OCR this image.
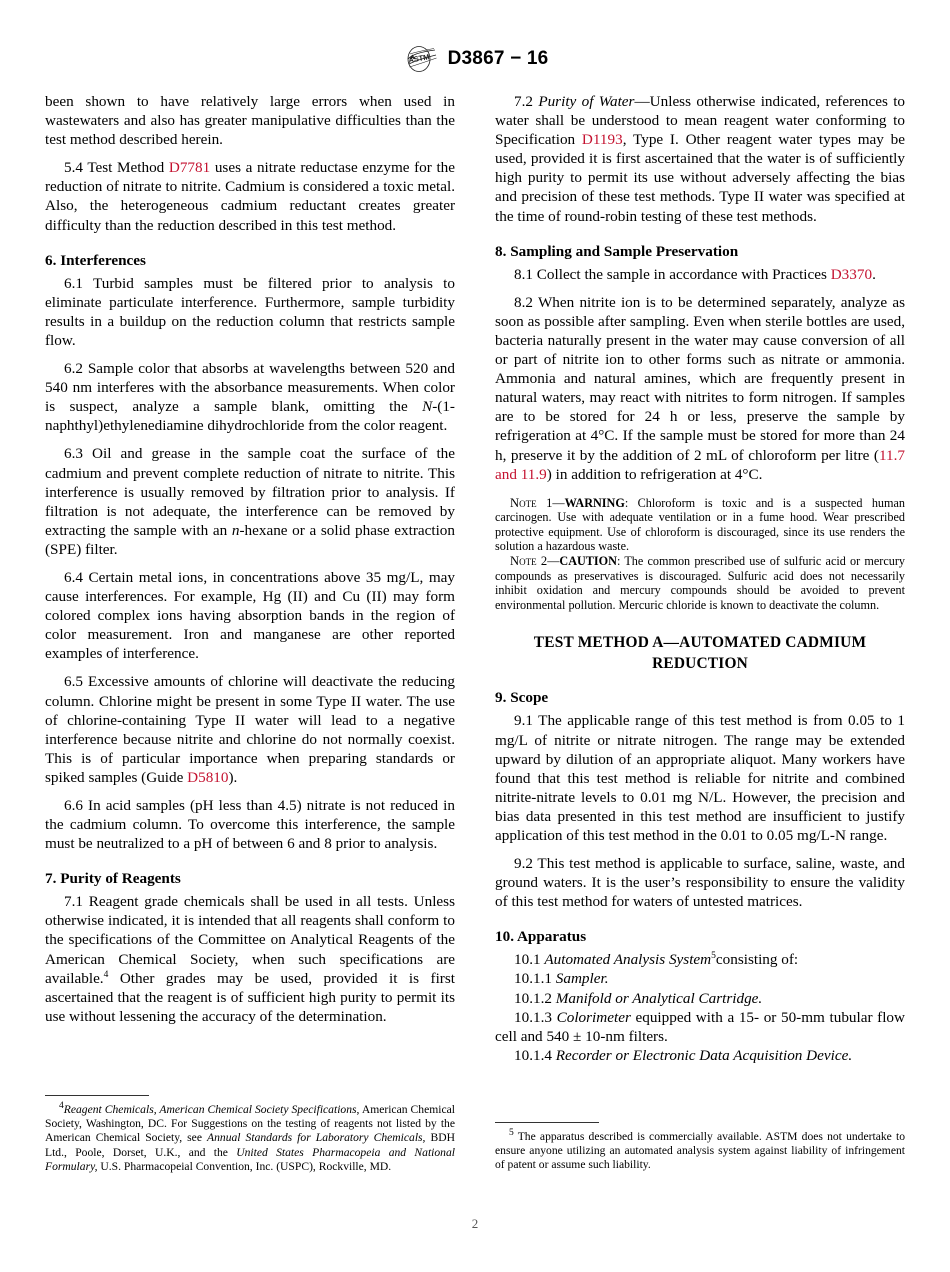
ASTM D3867 − 16

been shown to have relatively large errors when used in wastewaters and also has greater manipulative difficulties than the test method described herein.

5.4 Test Method D7781 uses a nitrate reductase enzyme for the reduction of nitrate to nitrite. Cadmium is considered a toxic metal. Also, the heterogeneous cadmium reductant creates greater difficulty than the reduction described in this test method.

6. Interferences

6.1 Turbid samples must be filtered prior to analysis to eliminate particulate interference. Furthermore, sample turbidity results in a buildup on the reduction column that restricts sample flow.

6.2 Sample color that absorbs at wavelengths between 520 and 540 nm interferes with the absorbance measurements. When color is suspect, analyze a sample blank, omitting the N-(1-naphthyl)ethylenediamine dihydrochloride from the color reagent.

6.3 Oil and grease in the sample coat the surface of the cadmium and prevent complete reduction of nitrate to nitrite. This interference is usually removed by filtration prior to analysis. If filtration is not adequate, the interference can be removed by extracting the sample with an n-hexane or a solid phase extraction (SPE) filter.

6.4 Certain metal ions, in concentrations above 35 mg/L, may cause interferences. For example, Hg (II) and Cu (II) may form colored complex ions having absorption bands in the region of color measurement. Iron and manganese are other reported examples of interference.

6.5 Excessive amounts of chlorine will deactivate the reducing column. Chlorine might be present in some Type II water. The use of chlorine-containing Type II water will lead to a negative interference because nitrite and chlorine do not normally coexist. This is of particular importance when preparing standards or spiked samples (Guide D5810).

6.6 In acid samples (pH less than 4.5) nitrate is not reduced in the cadmium column. To overcome this interference, the sample must be neutralized to a pH of between 6 and 8 prior to analysis.

7. Purity of Reagents

7.1 Reagent grade chemicals shall be used in all tests. Unless otherwise indicated, it is intended that all reagents shall conform to the specifications of the Committee on Analytical Reagents of the American Chemical Society, when such specifications are available.$^4$ Other grades may be used, provided it is first ascertained that the reagent is of sufficient high purity to permit its use without lessening the accuracy of the determination.

$^4$Reagent Chemicals, American Chemical Society Specifications, American Chemical Society, Washington, DC. For Suggestions on the testing of reagents not listed by the American Chemical Society, see Annual Standards for Laboratory Chemicals, BDH Ltd., Poole, Dorset, U.K., and the United States Pharmacopeia and National Formulary, U.S. Pharmacopeial Convention, Inc. (USPC), Rockville, MD.

7.2 Purity of Water—Unless otherwise indicated, references to water shall be understood to mean reagent water conforming to Specification D1193, Type I. Other reagent water types may be used, provided it is first ascertained that the water is of sufficiently high purity to permit its use without adversely affecting the bias and precision of these test methods. Type II water was specified at the time of round-robin testing of these test methods.

8. Sampling and Sample Preservation

8.1 Collect the sample in accordance with Practices D3370.

8.2 When nitrite ion is to be determined separately, analyze as soon as possible after sampling. Even when sterile bottles are used, bacteria naturally present in the water may cause conversion of all or part of nitrite ion to other forms such as nitrate or ammonia. Ammonia and natural amines, which are frequently present in natural waters, may react with nitrites to form nitrogen. If samples are to be stored for 24 h or less, preserve the sample by refrigeration at 4°C. If the sample must be stored for more than 24 h, preserve it by the addition of 2 mL of chloroform per litre (11.7 and 11.9) in addition to refrigeration at 4°C.

Note 1—WARNING: Chloroform is toxic and is a suspected human carcinogen. Use with adequate ventilation or in a fume hood. Wear prescribed protective equipment. Use of chloroform is discouraged, since its use renders the solution a hazardous waste.

Note 2—CAUTION: The common prescribed use of sulfuric acid or mercury compounds as preservatives is discouraged. Sulfuric acid does not necessarily inhibit oxidation and mercury compounds should be avoided to prevent environmental pollution. Mercuric chloride is known to deactivate the column.

TEST METHOD A—AUTOMATED CADMIUM
REDUCTION
9. Scope

9.1 The applicable range of this test method is from 0.05 to 1 mg/L of nitrite or nitrate nitrogen. The range may be extended upward by dilution of an appropriate aliquot. Many workers have found that this test method is reliable for nitrite and combined nitrite-nitrate levels to 0.01 mg N/L. However, the precision and bias data presented in this test method are insufficient to justify application of this test method in the 0.01 to 0.05 mg/L-N range.

9.2 This test method is applicable to surface, saline, waste, and ground waters. It is the user’s responsibility to ensure the validity of this test method for waters of untested matrices.

10. Apparatus

10.1 Automated Analysis System$^5$consisting of:

10.1.1 Sampler.

10.1.2 Manifold or Analytical Cartridge.

10.1.3 Colorimeter equipped with a 15- or 50-mm tubular flow cell and 540 ± 10-nm filters.

10.1.4 Recorder or Electronic Data Acquisition Device.

$^5$ The apparatus described is commercially available. ASTM does not undertake to ensure anyone utilizing an automated analysis system against liability of infringement of patent or assume such liability.

2
